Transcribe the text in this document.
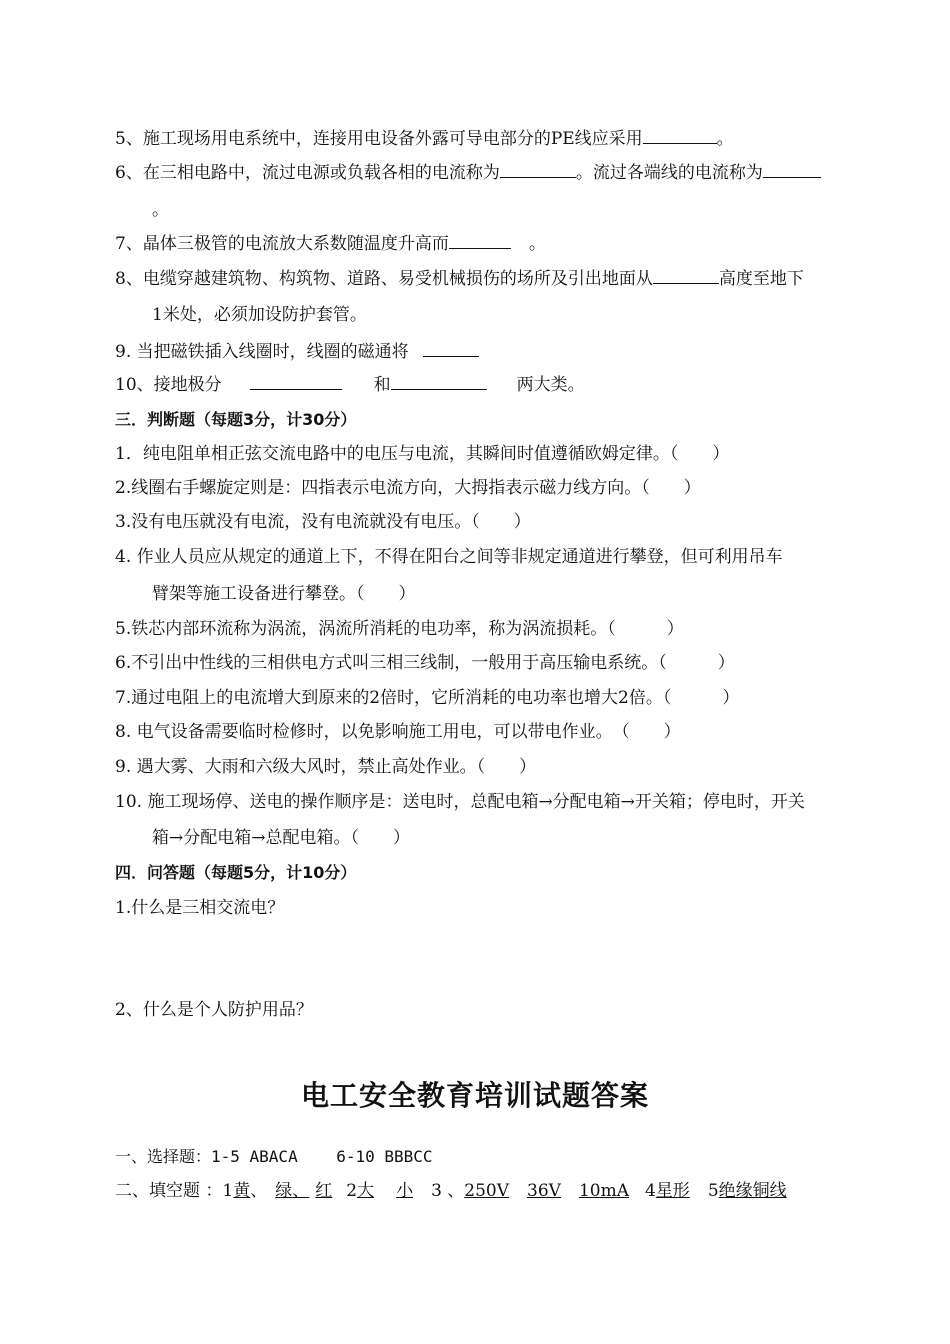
5、施工现场用电系统中，连接用电设备外露可导电部分的PE线应采用	。
6、在三相电路中，流过电源或负载各相的电流称为	。流过各端线的电流称为
。
7、晶体三极管的电流放大系数随温度升高而	。
8、电缆穿越建筑物、构筑物、道路、易受机械损伤的场所及引出地面从	高度至地下
1米处，必须加设防护套管。
9. 当把磁铁插入线圈时，线圈的磁通将
10、接地极分	和	两大类。
三．判断题（每题3分，计30分）
1．纯电阻单相正弦交流电路中的电压与电流，其瞬间时值遵循欧姆定律。（　　）
2.线圈右手螺旋定则是：四指表示电流方向，大拇指表示磁力线方向。（　　）
3.没有电压就没有电流，没有电流就没有电压。（　　）
4. 作业人员应从规定的通道上下，不得在阳台之间等非规定通道进行攀登，但可利用吊车
臂架等施工设备进行攀登。（　　）
5.铁芯内部环流称为涡流，涡流所消耗的电功率，称为涡流损耗。（　　　）
6.不引出中性线的三相供电方式叫三相三线制，一般用于高压输电系统。（　　　）
7.通过电阻上的电流增大到原来的2倍时，它所消耗的电功率也增大2倍。（　　　）
8. 电气设备需要临时检修时，以免影响施工用电，可以带电作业。　（　　）
9. 遇大雾、大雨和六级大风时，禁止高处作业。（　　）
10. 施工现场停、送电的操作顺序是：送电时，总配电箱→分配电箱→开关箱；停电时，开关
箱→分配电箱→总配电箱。（　　）
四．问答题（每题5分，计10分）
1.什么是三相交流电？
2、什么是个人防护用品？
电工安全教育培训试题答案
一、选择题：1-5 ABACA    6-10 BBBCC
二、填空题 ：1黄、 绿、 红 2大 小 3 、250V 36V 10mA 4星形 5绝缘铜线
